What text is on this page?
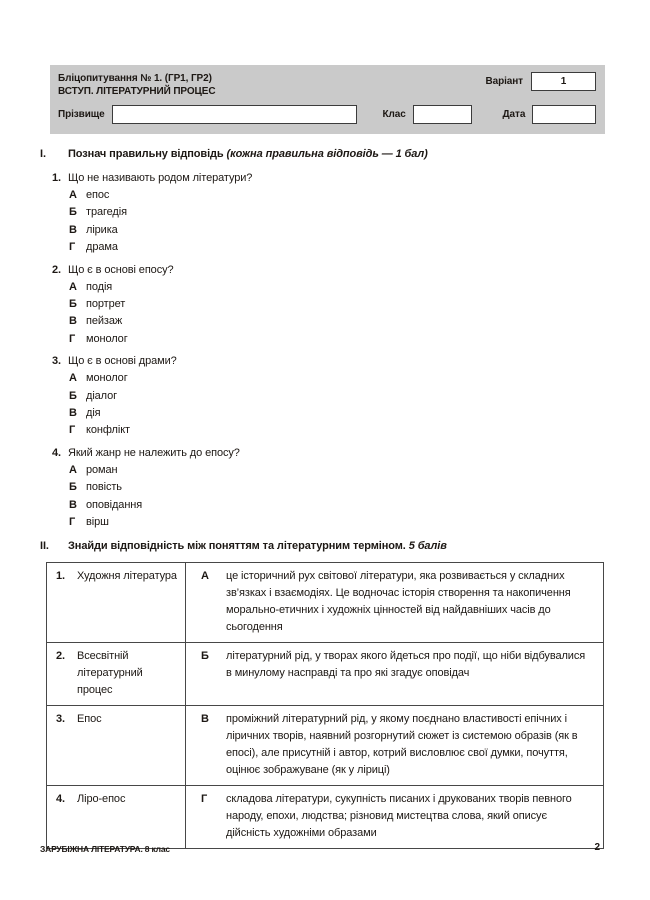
Бліцопитування № 1. (ГР1, ГР2)
ВСТУП. ЛІТЕРАТУРНИЙ ПРОЦЕС
Варіант	1
Прізвище	Клас	Дата
I.	Познач правильну відповідь (кожна правильна відповідь — 1 бал)
1. Що не називають родом літератури?
А епос
Б трагедія
В лірика
Г драма
2. Що є в основі епосу?
А подія
Б портрет
В пейзаж
Г монолог
3. Що є в основі драми?
А монолог
Б діалог
В дія
Г конфлікт
4. Який жанр не належить до епосу?
А роман
Б повість
В оповідання
Г вірш
II.	Знайди відповідність між поняттям та літературним терміном. 5 балів
1. Художня література	А це історичний рух світової літератури, яка розвивається у складних зв’язках і взаємодіях. Це водночас історія створення та накопичення морально-етичних і художніх цінностей від найдавніших часів до сьогодення

2. Всесвітній літературний процес	Б літературний рід, у творах якого йдеться про події, що ніби відбувалися в минулому насправді та про які згадує оповідач

3. Епос	В проміжний літературний рід, у якому поєднано властивості епічних і ліричних творів, наявний розгорнутий сюжет із системою образів (як в епосі), але присутній і автор, котрий висловлює свої думки, почуття, оцінює зображуване (як у ліриці)

4. Ліро-епос	Г складова літератури, сукупність писаних і друкованих творів певного народу, епохи, людства; різновид мистецтва слова, який описує дійсність художніми образами
ЗАРУБІЖНА ЛІТЕРАТУРА. 8 клас	2
